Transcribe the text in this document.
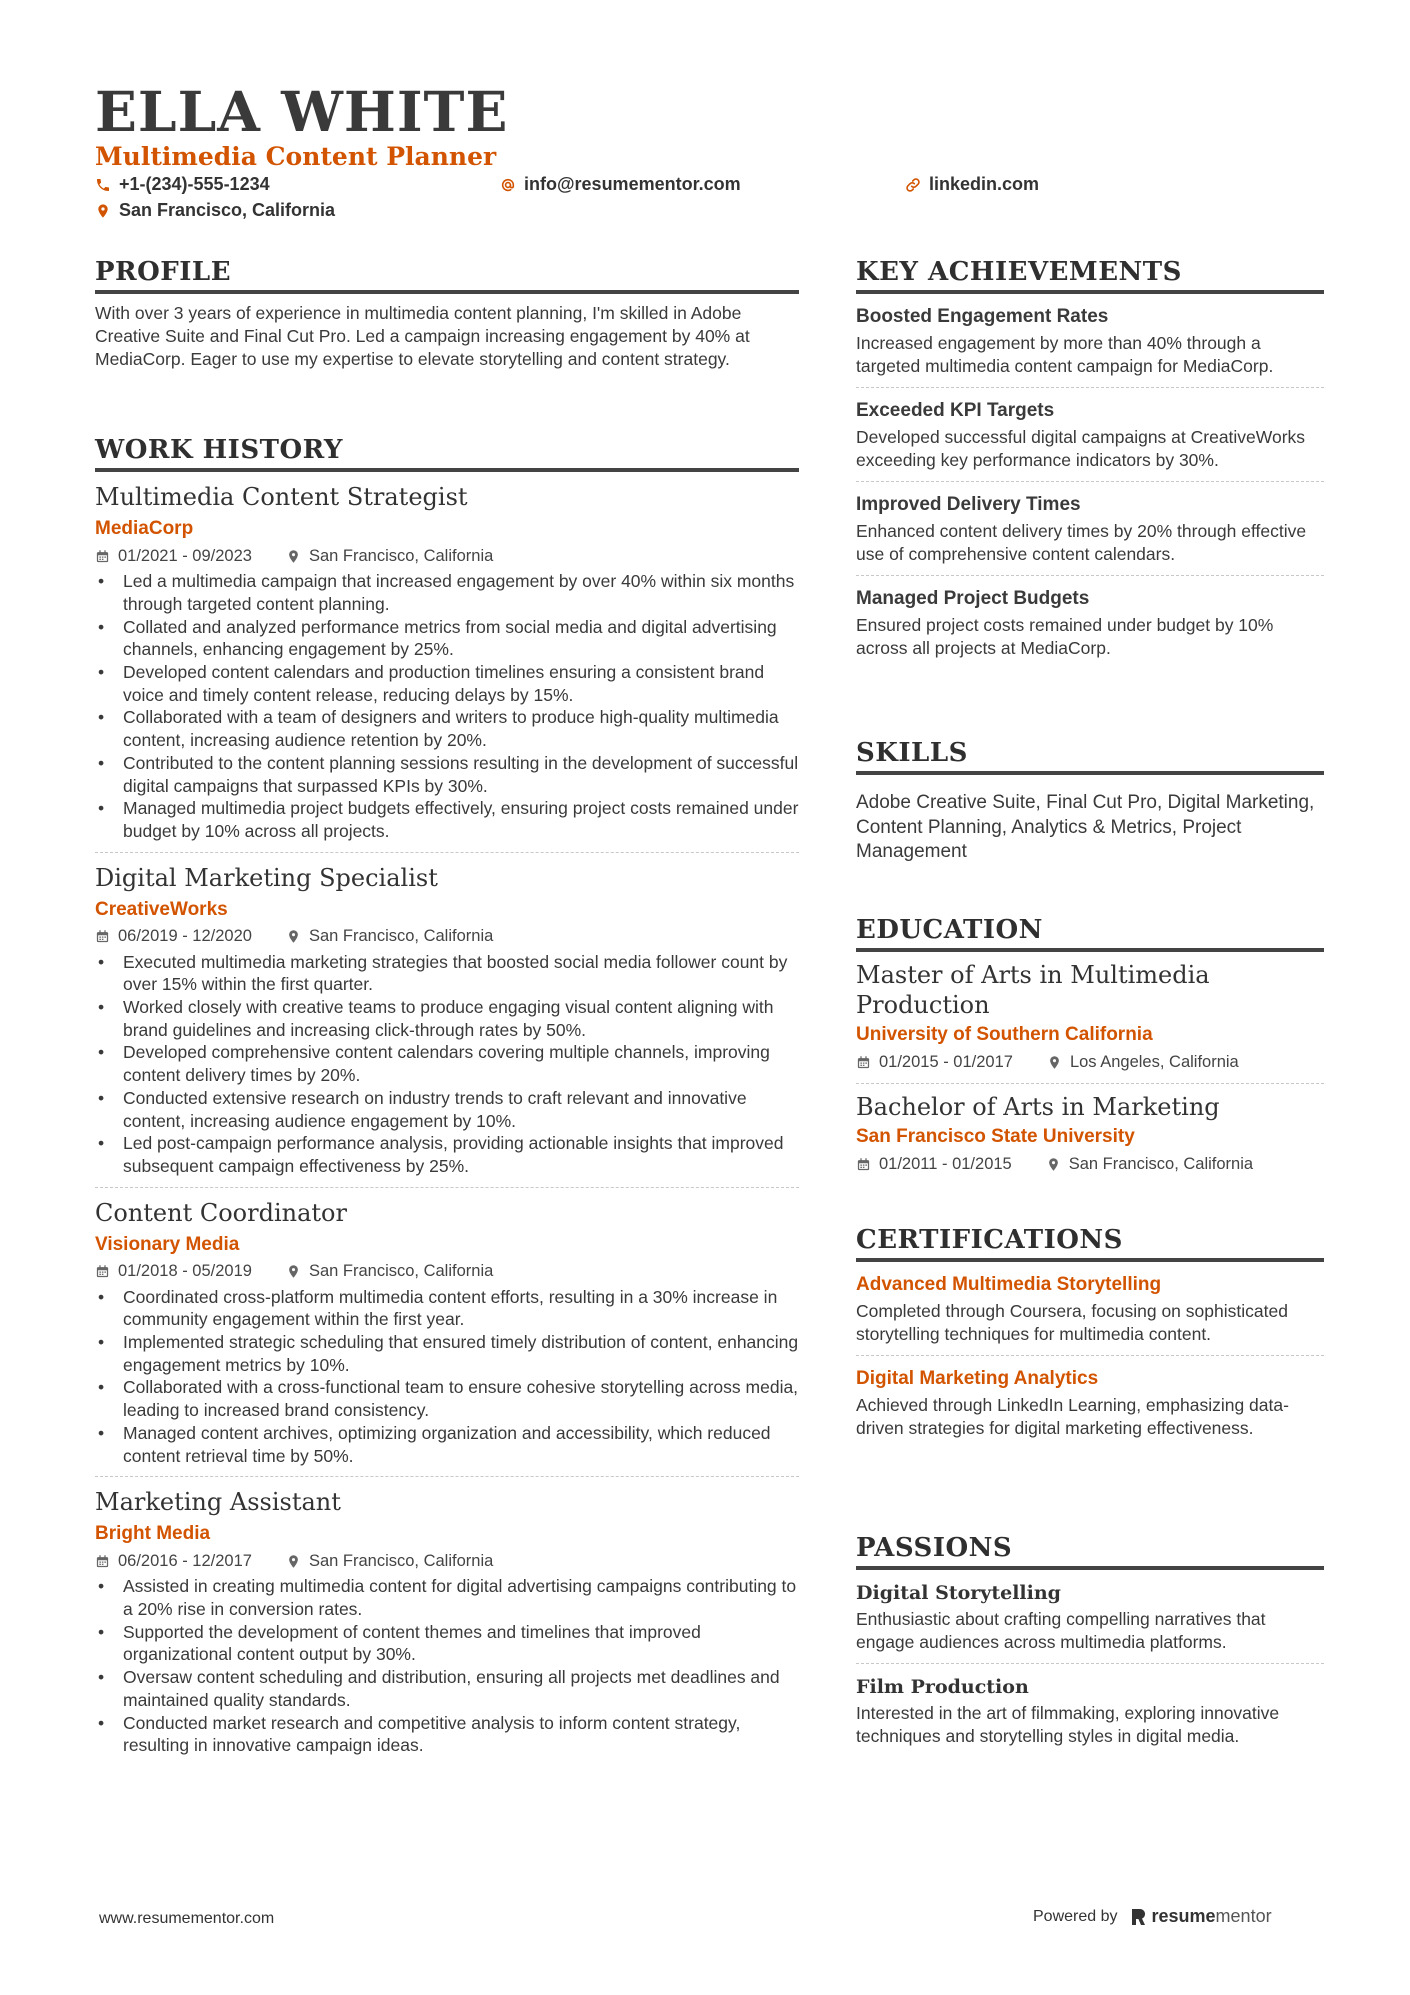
ELLA WHITE
Multimedia Content Planner
+1-(234)-555-1234	info@resumementor.com	linkedin.com
San Francisco, California
PROFILE

With over 3 years of experience in multimedia content planning, I'm skilled in Adobe Creative Suite and Final Cut Pro. Led a campaign increasing engagement by 40% at MediaCorp. Eager to use my expertise to elevate storytelling and content strategy.

WORK HISTORY

Multimedia Content Strategist

MediaCorp

01/2021 - 09/2023	San Francisco, California
• Led a multimedia campaign that increased engagement by over 40% within six months through targeted content planning.
• Collated and analyzed performance metrics from social media and digital advertising channels, enhancing engagement by 25%.
• Developed content calendars and production timelines ensuring a consistent brand voice and timely content release, reducing delays by 15%.
• Collaborated with a team of designers and writers to produce high-quality multimedia content, increasing audience retention by 20%.
• Contributed to the content planning sessions resulting in the development of successful digital campaigns that surpassed KPIs by 30%.
• Managed multimedia project budgets effectively, ensuring project costs remained under budget by 10% across all projects.

Digital Marketing Specialist

CreativeWorks

06/2019 - 12/2020	San Francisco, California
• Executed multimedia marketing strategies that boosted social media follower count by over 15% within the first quarter.
• Worked closely with creative teams to produce engaging visual content aligning with brand guidelines and increasing click-through rates by 50%.
• Developed comprehensive content calendars covering multiple channels, improving content delivery times by 20%.
• Conducted extensive research on industry trends to craft relevant and innovative content, increasing audience engagement by 10%.
• Led post-campaign performance analysis, providing actionable insights that improved subsequent campaign effectiveness by 25%.

Content Coordinator

Visionary Media

01/2018 - 05/2019	San Francisco, California
• Coordinated cross-platform multimedia content efforts, resulting in a 30% increase in community engagement within the first year.
• Implemented strategic scheduling that ensured timely distribution of content, enhancing engagement metrics by 10%.
• Collaborated with a cross-functional team to ensure cohesive storytelling across media, leading to increased brand consistency.
• Managed content archives, optimizing organization and accessibility, which reduced content retrieval time by 50%.

Marketing Assistant

Bright Media

06/2016 - 12/2017	San Francisco, California
• Assisted in creating multimedia content for digital advertising campaigns contributing to a 20% rise in conversion rates.
• Supported the development of content themes and timelines that improved organizational content output by 30%.
• Oversaw content scheduling and distribution, ensuring all projects met deadlines and maintained quality standards.
• Conducted market research and competitive analysis to inform content strategy, resulting in innovative campaign ideas.
KEY ACHIEVEMENTS

Boosted Engagement Rates

Increased engagement by more than 40% through a targeted multimedia content campaign for MediaCorp.

Exceeded KPI Targets

Developed successful digital campaigns at CreativeWorks exceeding key performance indicators by 30%.

Improved Delivery Times

Enhanced content delivery times by 20% through effective use of comprehensive content calendars.

Managed Project Budgets

Ensured project costs remained under budget by 10% across all projects at MediaCorp.

SKILLS

Adobe Creative Suite, Final Cut Pro, Digital Marketing, Content Planning, Analytics & Metrics, Project Management

EDUCATION

Master of Arts in Multimedia Production

University of Southern California

01/2015 - 01/2017	Los Angeles, California

Bachelor of Arts in Marketing

San Francisco State University

01/2011 - 01/2015	San Francisco, California
CERTIFICATIONS

Advanced Multimedia Storytelling

Completed through Coursera, focusing on sophisticated storytelling techniques for multimedia content.

Digital Marketing Analytics

Achieved through LinkedIn Learning, emphasizing data-driven strategies for digital marketing effectiveness.

PASSIONS

Digital Storytelling

Enthusiastic about crafting compelling narratives that engage audiences across multimedia platforms.

Film Production

Interested in the art of filmmaking, exploring innovative techniques and storytelling styles in digital media.

www.resumementor.com	Powered by resume mentor
